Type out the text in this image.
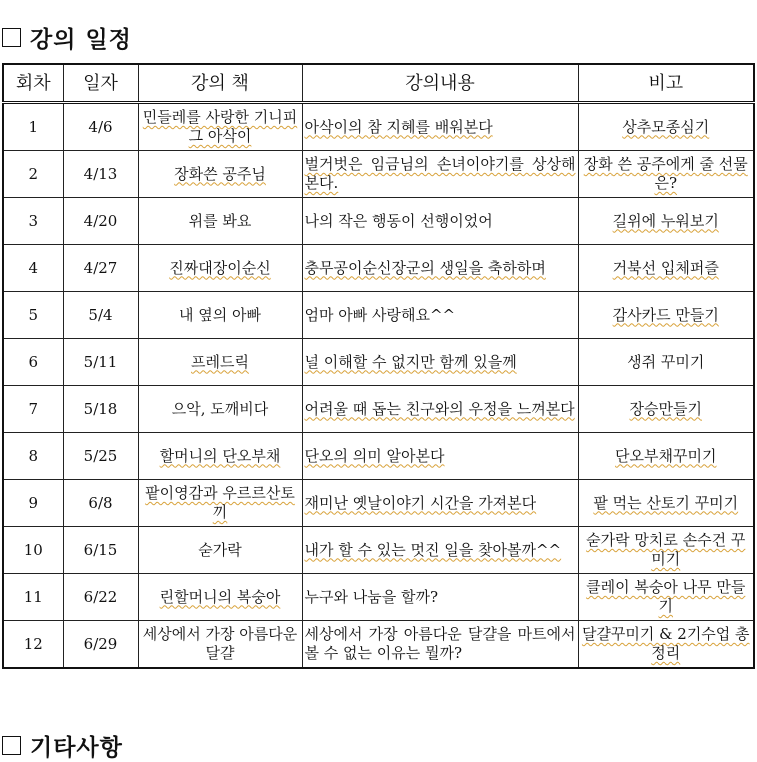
강의 일정
회차	일자	강의 책	강의내용	비고
1	4/6	민들레를 사랑한 기니피그 아삭이	아삭이의 참 지혜를 배워본다	상추모종심기
2	4/13	장화쓴 공주님	벌거벗은 임금님의 손녀이야기를 상상해본다.	장화 쓴 공주에게 줄 선물은?
3	4/20	위를 봐요	나의 작은 행동이 선행이었어	길위에 누워보기
4	4/27	진짜대장이순신	충무공이순신장군의 생일을 축하하며	거북선 입체퍼즐
5	5/4	내 옆의 아빠	엄마 아빠 사랑해요^^	감사카드 만들기
6	5/11	프레드릭	널 이해할 수 없지만 함께 있을께	생쥐 꾸미기
7	5/18	으악, 도깨비다	어려울 때 돕는 친구와의 우정을 느껴본다	장승만들기
8	5/25	할머니의 단오부채	단오의 의미 알아본다	단오부채꾸미기
9	6/8	팥이영감과 우르르산토끼	재미난 옛날이야기 시간을 가져본다	팥 먹는 산토기 꾸미기
10	6/15	숟가락	내가 할 수 있는 멋진 일을 찾아볼까^^	숟가락 망치로 손수건 꾸미기
11	6/22	린할머니의 복숭아	누구와 나눔을 할까?	클레이 복숭아 나무 만들기
12	6/29	세상에서 가장 아름다운 달걀	세상에서 가장 아름다운 달걀을 마트에서 볼 수 없는 이유는 뭘까?	달걀꾸미기 & 2기수업 총정리
기타사항
